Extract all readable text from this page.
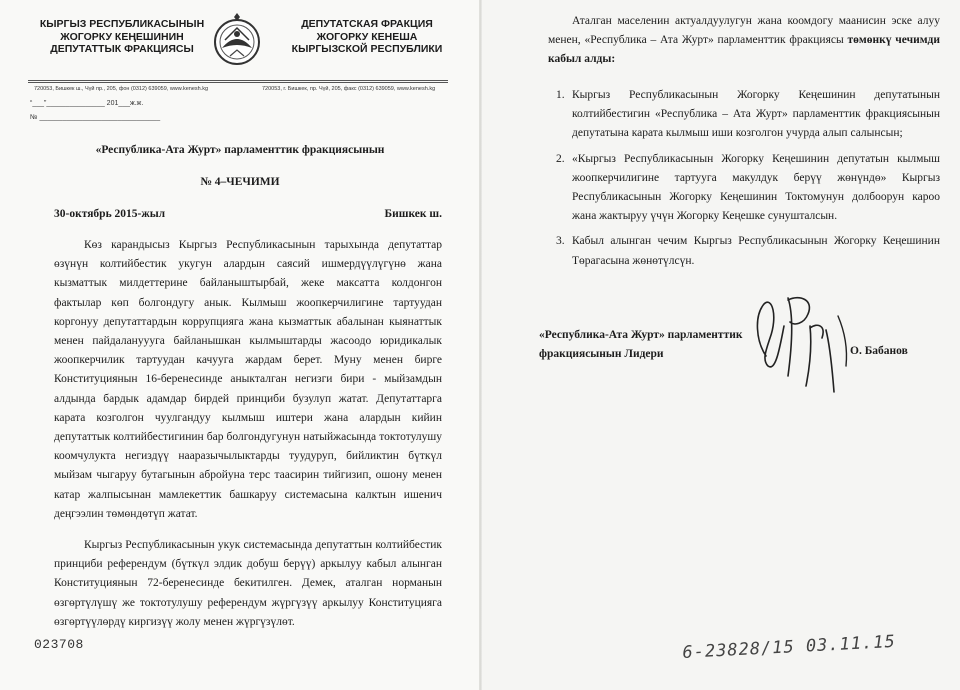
КЫРГЫЗ РЕСПУБЛИКАСЫНЫН
ЖОГОРКУ КЕҢЕШИНИН
ДЕПУТАТТЫК ФРАКЦИЯСЫ
ДЕПУТАТСКАЯ ФРАКЦИЯ
ЖОГОРКУ КЕНЕША
КЫРГЫЗСКОЙ РЕСПУБЛИКИ
720053, Бишкек ш., Чүй пр., 205, фон (0312) 639059, www.kenesh.kg	720053, г. Бишкек, пр. Чүй, 205, факс (0312) 639059, www.kenesh.kg
“___”_______________ 201___ж.ж.
№ _______________________________
«Республика-Ата Журт» парламенттик фракциясынын
№ 4–ЧЕЧИМИ
30-октябрь 2015-жыл	Бишкек ш.

Көз карандысыз Кыргыз Республикасынын тарыхында депутаттар өзүнүн колтийбестик укугун алардын саясий ишмердүүлүгүнө жана кызматтык милдеттерине байланыштырбай, жеке максатта колдонгон фактылар көп болгондугу анык. Кылмыш жоопкерчилигине тартуудан коргонуу депутаттардын коррупцияга жана кызматтык абалынан кыянаттык менен пайдалануууга байланышкан кылмыштарды жасоодо юридикалык жоопкерчилик тартуудан качууга жардам берет. Муну менен бирге Конституциянын 16-беренесинде аныкталган негизги бири - мыйзамдын алдында бардык адамдар бирдей принциби бузулуп жатат. Депутаттарга карата козголгон чуулгандуу кылмыш иштери жана алардын кийин депутаттык колтийбестигинин бар болгондугунун натыйжасында токтотулушу коомчулукта негиздүү нааразычылыктарды туудуруп, бийликтин бүткүл мыйзам чыгаруу бутагынын абройуна терс таасирин тийгизип, ошону менен катар жалпысынан мамлекеттик башкаруу системасына калктын ишенич деңгээлин төмөндөтүп жатат.

Кыргыз Республикасынын укук системасында депутаттын колтийбестик принциби референдум (бүткүл элдик добуш берүү) аркылуу кабыл алынган Конституциянын 72-беренесинде бекитилген. Демек, аталган норманын өзгөртүлүшү же токтотулушу референдум жүргүзүү аркылуу Конституцияга өзгөртүүлөрдү киргизүү жолу менен жүргүзүлөт.

023708

Аталган маселенин актуалдуулугун жана коомдогу маанисин эске алуу менен, «Республика – Ата Журт» парламенттик фракциясы төмөнкү чечимди кабыл алды:

1. Кыргыз Республикасынын Жогорку Кеңешинин депутатынын колтийбестигин «Республика – Ата Журт» парламенттик фракциясынын депутатына карата кылмыш иши козголгон учурда алып салынсын;
2. «Кыргыз Республикасынын Жогорку Кеңешинин депутатын кылмыш жоопкерчилигине тартууга макулдук берүү жөнүндө» Кыргыз Республикасынын Жогорку Кеңешинин Токтомунун долбоорун карoo жана жактыруу үчүн Жогорку Кеңешке сунуштaлсын.
3. Кабыл алынган чечим Кыргыз Республикасынын Жогорку Кеңешинин Төрагасына жөнөтүлсүн.
«Республика-Ата Журт» парламенттик
фракциясынын Лидери	О. Бабанов
6-23828/15 03.11.15
